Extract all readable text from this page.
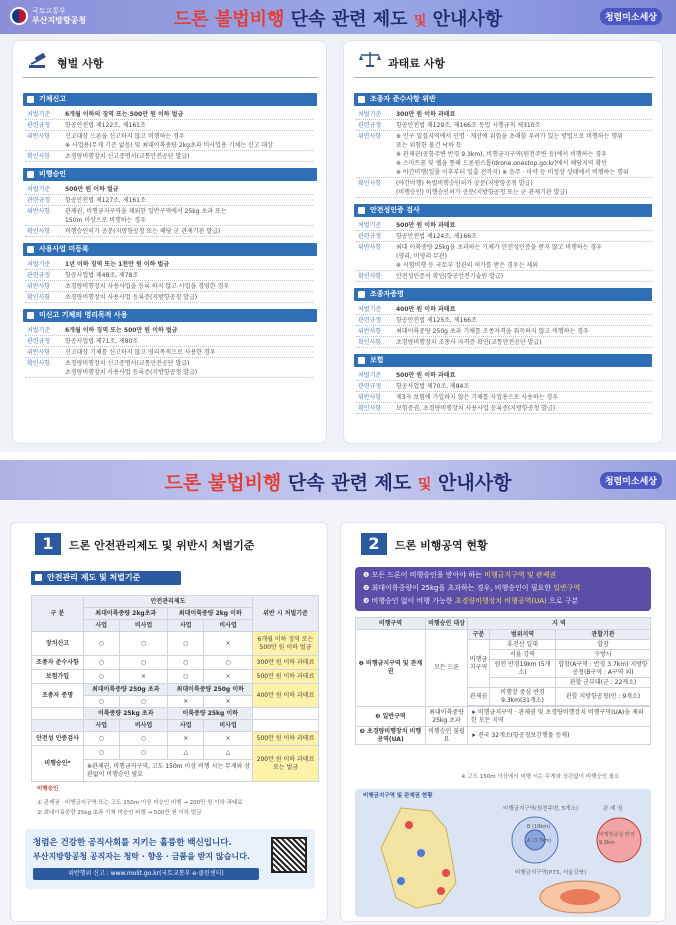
국토교통부
부산지방항공청	드론 불법비행 단속 관련 제도 및 안내사항	청렴미소세상
형벌 사항
기체신고
처벌기준 6개월 이하의 징역 또는 500만 원 이하 벌금
관련규정 항공안전법 제122조, 제161조
위반사항 신고대상 드론을 신고하지 않고 비행하는 경우
※ 사업용(무게 기준 없음) 및 최대이륙중량 2kg초과 비사업용 기체는 신고 대상
확인사항 초경량비행장치 신고증명서(교통안전공단 발급)
비행승인
처벌기준 500만 원 이하 벌금
관련규정 항공안전법 제127조, 제161조
위반사항 관제권, 비행금지구역을 제외한 일반구역에서 25kg 초과 또는
150m 이상으로 비행하는 경우
확인사항 비행승인허가 공문(지방항공청 또는 해당 군 관제기관 발급)
사용사업 미등록
처벌기준 1년 이하 징역 또는 1천만 원 이하 벌금
관련규정 항공사업법 제48조, 제78조
위반사항 초경량비행장치 사용사업을 등록 하지 않고 사업을 경영한 경우
확인사항 초경량비행장치 사용사업 등록증(지방항공청 발급)
미신고 기체의 영리목적 사용
처벌기준 6개월 이하 징역 또는 500만 원 이하 벌금
관련규정 항공사업법 제71조, 제80조
위반사항 신고대상 기체를 신고하지 않고 영리목적으로 사용한 경우
확인사항 초경량비행장치 신고증명서(교통안전공단 발급)
초경량비행장치 사용사업 등록증(지방항공청 발급)
과태료 사항
조종자 준수사항 위반
처벌기준 300만 원 이하 과태료
관련규정 항공안전법 제129조, 제166조 동법 시행규칙 제310조
위반사항 ※ 인구 밀집지역에서 인명 · 재산에 위험을 초래할 우려가 있는 방법으로 비행하는 행위
또는 위험한 물건 낙하 등
※ 관제권(공항주변 반경 9.3km), 비행금지구역(원전주변 등)에서 비행하는 경우
※ 스마트폰 및 웹을 통해 드론원스톱(drone.onestop.go.kr)에서 해당지역 확인
※ 야간비행(일몰 이후부터 일출 전까지) ※ 음주 · 마약 등 비정상 상태에서 비행하는 행위
확인사항 (야간비행) 특별비행승인허가 공문(지방항공청 발급)
(비행승인) 비행승인허가 공문(지방항공청 또는 군 관제기관 발급)
안전성인증 검사
처벌기준 500만 원 이하 과태료
관련규정 항공안전법 제124조, 제166조
위반사항 최대 이륙중량 25kg을 초과하는 기체가 안전성인증을 받지 않고 비행하는 경우
(영리, 비영리 무관)
※ 시험비행 등 국토부 장관의 허가를 받은 경우는 제외
확인사항 안전성인증서 확인(항공안전기술원 발급)
조종자증명
처벌기준 400만 원 이하 과태료
관련규정 항공안전법 제125조, 제166조
위반사항 최대이륙중량 250g 초과 기체를 조종자격을 취득하지 않고 비행하는 경우
확인사항 초경량비행장치 조종사 자격증 확인(교통안전공단 발급)
보험
처벌기준 500만 원 이하 과태료
관련규정 항공사업법 제70조, 제84조
위반사항 제3자 보험에 가입하지 않은 기체를 사업용으로 사용하는 경우
확인사항 보험증권, 초경량비행장치 사용사업 등록증(지방항공청 발급)
드론 불법비행 단속 관련 제도 및 안내사항	청렴미소세상
1	드론 안전관리제도 및 위반시 처벌기준
안전관리 제도 및 처벌기준
구 분	안전관리제도				위반 시 처벌기준
	최대이륙중량 2kg초과		최대이륙중량 2kg 이하		
	사업	비사업	사업	비사업	
장치신고	○	○	○	×	6개월 이하 징역 또는 500만 원 이하 벌금
조종자 준수사항	○	○	○	○	300만 원 이하 과태료
보험가입	○	×	○	×	500만 원 이하 과태료
조종자 증명	최대이륙중량 250g 초과		최대이륙중량 250g 이하		400만 원 이하 과태료
	○	○	×	×	
	이륙중량 25kg 초과		이륙중량 25kg 이하		
	사업	비사업	사업	비사업	
안전성 인증검사	○	○	×	×	500만 원 이하 과태료
비행승인*	○	○	△	△	200만 원 이하 과태료 또는 벌금
	※관제권, 비행금지구역, 고도 150m 이상 비행 시는 무게와 상관없이 비행승인 필요				
비행승인
① 관제권 · 비행금지구역 또는 고도 150m 이상 미승인 비행 → 200만 원 이하 과태료
② 최대이륙중량 25kg 초과 기체 미승인 비행 → 500만 원 이하 벌금
청렴은 건강한 공직사회를 지키는 훌륭한 백신입니다.
부산지방항공청 공직자는 청탁 · 향응 · 금품을 받지 않습니다.
위반행위 신고 : www.molit.go.kr(국토교통부 e-클린센터)
2	드론 비행공역 현황
❶ 모든 드론이 비행승인을 받아야 하는 비행금지구역 및 관제권
❷ 최대이륙중량이 25kg을 초과하는 경우, 비행승인이 필요한 일반구역
❸ 비행승인 없이 비행 가능한 초경량비행장치 비행공역(UA) 으로 구분
비행구역	비행승인 대상	지 역		
❶ 비행금지구역 및 관제권	모든 드론	구분	범위지역	관할기관
		비행금지구역	휴전선 일대	합참
			서울 강북	수방사
			원전 반경19km (5개소)	합참(A구역 : 반경 3.7km) 지방항공청(B구역 : A구역 외)
				관할 군부대(군 : 22개소)
		관제권	비행장 중심 반경 9.3km(31개소)	관할 지방항공청(민 : 9개소)

❷ 일반구역	최대이륙중량 25kg 초과	➤ 비행금지구역 · 관제권 및 초경량비행장치 비행구역(UA)을 제외한 모든 지역		
❸ 초경량비행장치 비행공역(UA)	비행승인 불필요	➤ 전국 32개소(항공정보간행물 등재)		
※ 고도 150m 이상에서 비행 시는 무게와 상관없이 비행승인 필요
비행금지구역 및 관제권 현황
비행금지구역(원전주변, 5개소)	관 제 권
B (19km)
A (3.7km)
비행장중심 반경 9.3km
비행금지구역(P73, 서울강북)
